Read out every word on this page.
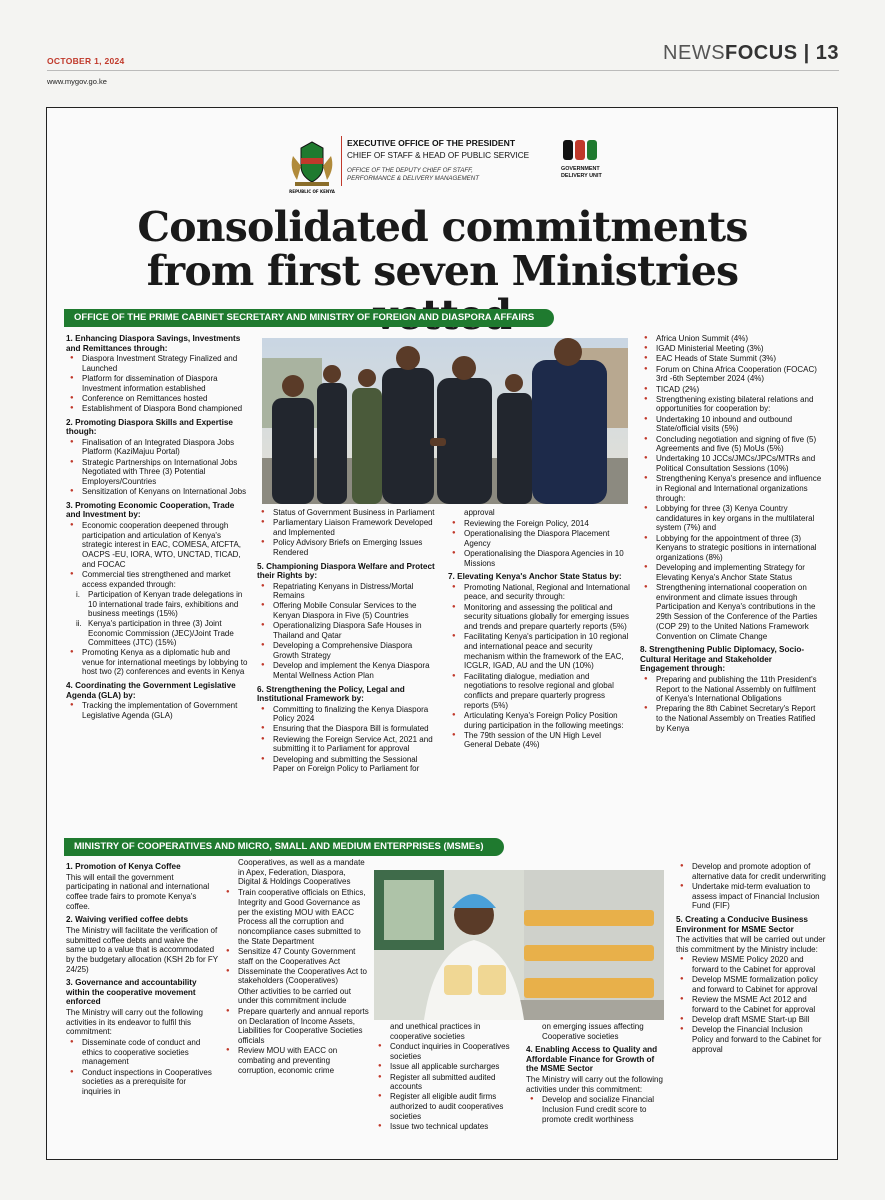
OCTOBER 1, 2024
www.mygov.go.ke
NEWSFOCUS | 13
REPUBLIC OF KENYA
EXECUTIVE OFFICE OF THE PRESIDENT
CHIEF OF STAFF & HEAD OF PUBLIC SERVICE
OFFICE OF THE DEPUTY CHIEF OF STAFF, PERFORMANCE & DELIVERY MANAGEMENT
GOVERNMENT
DELIVERY UNIT
Consolidated commitments from first seven Ministries
OFFICE OF THE PRIME CABINET SECRETARY AND MINISTRY OF FOREIGN AND DIASPORA AFFAIRS
1. Enhancing Diaspora Savings, Investments and Remittances through:
● Diaspora Investment Strategy Finalized and Launched
● Platform for dissemination of Diaspora Investment information established
● Conference on Remittances hosted
● Establishment of Diaspora Bond championed
2. Promoting Diaspora Skills and Expertise though:
● Finalisation of an Integrated Diaspora Jobs Platform (KaziMajuu Portal)
● Strategic Partnerships on International Jobs Negotiated with Three (3) Potential Employers/Countries
● Sensitization of Kenyans on International Jobs
3. Promoting Economic Cooperation, Trade and Investment by:
● Economic cooperation deepened through participation and articulation of Kenya's strategic interest in EAC, COMESA, AfCFTA, OACPS -EU, IORA, WTO, UNCTAD, TICAD, and FOCAC
● Commercial ties strengthened and market access expanded through:
i. Participation of Kenyan trade delegations in 10 international trade fairs, exhibitions and business meetings (15%)
ii. Kenya's participation in three (3) Joint Economic Commission (JEC)/Joint Trade Committees (JTC) (15%)
● Promoting Kenya as a diplomatic hub and venue for international meetings by lobbying to host two (2) conferences and events in Kenya
4. Coordinating the Government Legislative Agenda (GLA) by:
● Tracking the implementation of Government Legislative Agenda (GLA)
● Status of Government Business in Parliament
● Parliamentary Liaison Framework Developed and Implemented
● Policy Advisory Briefs on Emerging Issues Rendered
5. Championing Diaspora Welfare and Protect their Rights by:
● Repatriating Kenyans in Distress/Mortal Remains
● Offering Mobile Consular Services to the Kenyan Diaspora in Five (5) Countries
● Operationalizing Diaspora Safe Houses in Thailand and Qatar
● Developing a Comprehensive Diaspora Growth Strategy
● Develop and implement the Kenya Diaspora Mental Wellness Action Plan
6. Strengthening the Policy, Legal and Institutional Framework by:
● Committing to finalizing the Kenya Diaspora Policy 2024
● Ensuring that the Diaspora Bill is formulated
● Reviewing the Foreign Service Act, 2021 and submitting it to Parliament for approval
● Developing and submitting the Sessional Paper on Foreign Policy to Parliament for

approval

● Reviewing the Foreign Policy, 2014
● Operationalising the Diaspora Placement Agency
● Operationalising the Diaspora Agencies in 10 Missions
7. Elevating Kenya's Anchor State Status by:
● Promoting National, Regional and International peace, and security through:
● Monitoring and assessing the political and security situations globally for emerging issues and trends and prepare quarterly reports (5%)
● Facilitating Kenya's participation in 10 regional and international peace and security mechanism within the framework of the EAC, ICGLR, IGAD, AU and the UN (10%)
● Facilitating dialogue, mediation and negotiations to resolve regional and global conflicts and prepare quarterly progress reports (5%)
● Articulating Kenya's Foreign Policy Position during participation in the following meetings:
● The 79th session of the UN High Level General Debate (4%)
● Africa Union Summit (4%)
● IGAD Ministerial Meeting (3%)
● EAC Heads of State Summit (3%)
● Forum on China Africa Cooperation (FOCAC) 3rd -6th September 2024 (4%)
● TICAD (2%)
● Strengthening existing bilateral relations and opportunities for cooperation by:
● Undertaking 10 inbound and outbound State/official visits (5%)
● Concluding negotiation and signing of five (5) Agreements and five (5) MoUs (5%)
● Undertaking 10 JCCs/JMCs/JPCs/MTRs and Political Consultation Sessions (10%)
● Strengthening Kenya's presence and influence in Regional and International organizations through:
● Lobbying for three (3) Kenya Country candidatures in key organs in the multilateral system (7%) and
● Lobbying for the appointment of three (3) Kenyans to strategic positions in international organizations (8%)
● Developing and implementing Strategy for Elevating Kenya's Anchor State Status
● Strengthening international cooperation on environment and climate issues through Participation and Kenya's contributions in the 29th Session of the Conference of the Parties (COP 29) to the United Nations Framework Convention on Climate Change
8. Strengthening Public Diplomacy, Socio-Cultural Heritage and Stakeholder Engagement through:
● Preparing and publishing the 11th President's Report to the National Assembly on fulfilment of Kenya's International Obligations
● Preparing the 8th Cabinet Secretary's Report to the National Assembly on Treaties Ratified by Kenya
MINISTRY OF COOPERATIVES AND MICRO, SMALL AND MEDIUM ENTERPRISES (MSMEs)
1. Promotion of Kenya Coffee

This will entail the government participating in national and international coffee trade fairs to promote Kenya's coffee.

2. Waiving verified coffee debts

The Ministry will facilitate the verification of submitted coffee debts and waive the same up to a value that is accommodated by the budgetary allocation (KSH 2b for FY 24/25)

3. Governance and accountability within the cooperative movement enforced

The Ministry will carry out the following activities in its endeavor to fulfil this commitment:

● Disseminate code of conduct and ethics to cooperative societies management
● Conduct inspections in Cooperatives societies as a prerequisite for inquiries in

Cooperatives, as well as a mandate in Apex, Federation, Diaspora, Digital & Holdings Cooperatives

● Train cooperative officials on Ethics, Integrity and Good Governance as per the existing MOU with EACC Process all the corruption and noncompliance cases submitted to the State Department
● Sensitize 47 County Government staff on the Cooperatives Act
● Disseminate the Cooperatives Act to stakeholders (Cooperatives)

Other activities to be carried out under this commitment include

● Prepare quarterly and annual reports on Declaration of Income Assets, Liabilities for Cooperative Societies officials
● Review MOU with EACC on combating and preventing corruption, economic crime

and unethical practices in cooperative societies

● Conduct inquiries in Cooperatives societies
● Issue all applicable surcharges
● Register all submitted audited accounts
● Register all eligible audit firms authorized to audit cooperatives societies
● Issue two technical updates

on emerging issues affecting Cooperative societies

4. Enabling Access to Quality and Affordable Finance for Growth of the MSME Sector

The Ministry will carry out the following activities under this commitment:

● Develop and socialize Financial Inclusion Fund credit score to promote credit worthiness
● Develop and promote adoption of alternative data for credit underwriting
● Undertake mid-term evaluation to assess impact of Financial Inclusion Fund (FIF)
5. Creating a Conducive Business Environment for MSME Sector

The activities that will be carried out under this commitment by the Ministry include:

● Review MSME Policy 2020 and forward to the Cabinet for approval
● Develop MSME formalization policy and forward to Cabinet for approval
● Review the MSME Act 2012 and forward to the Cabinet for approval
● Develop draft MSME Start-up Bill
● Develop the Financial Inclusion Policy and forward to the Cabinet for approval
